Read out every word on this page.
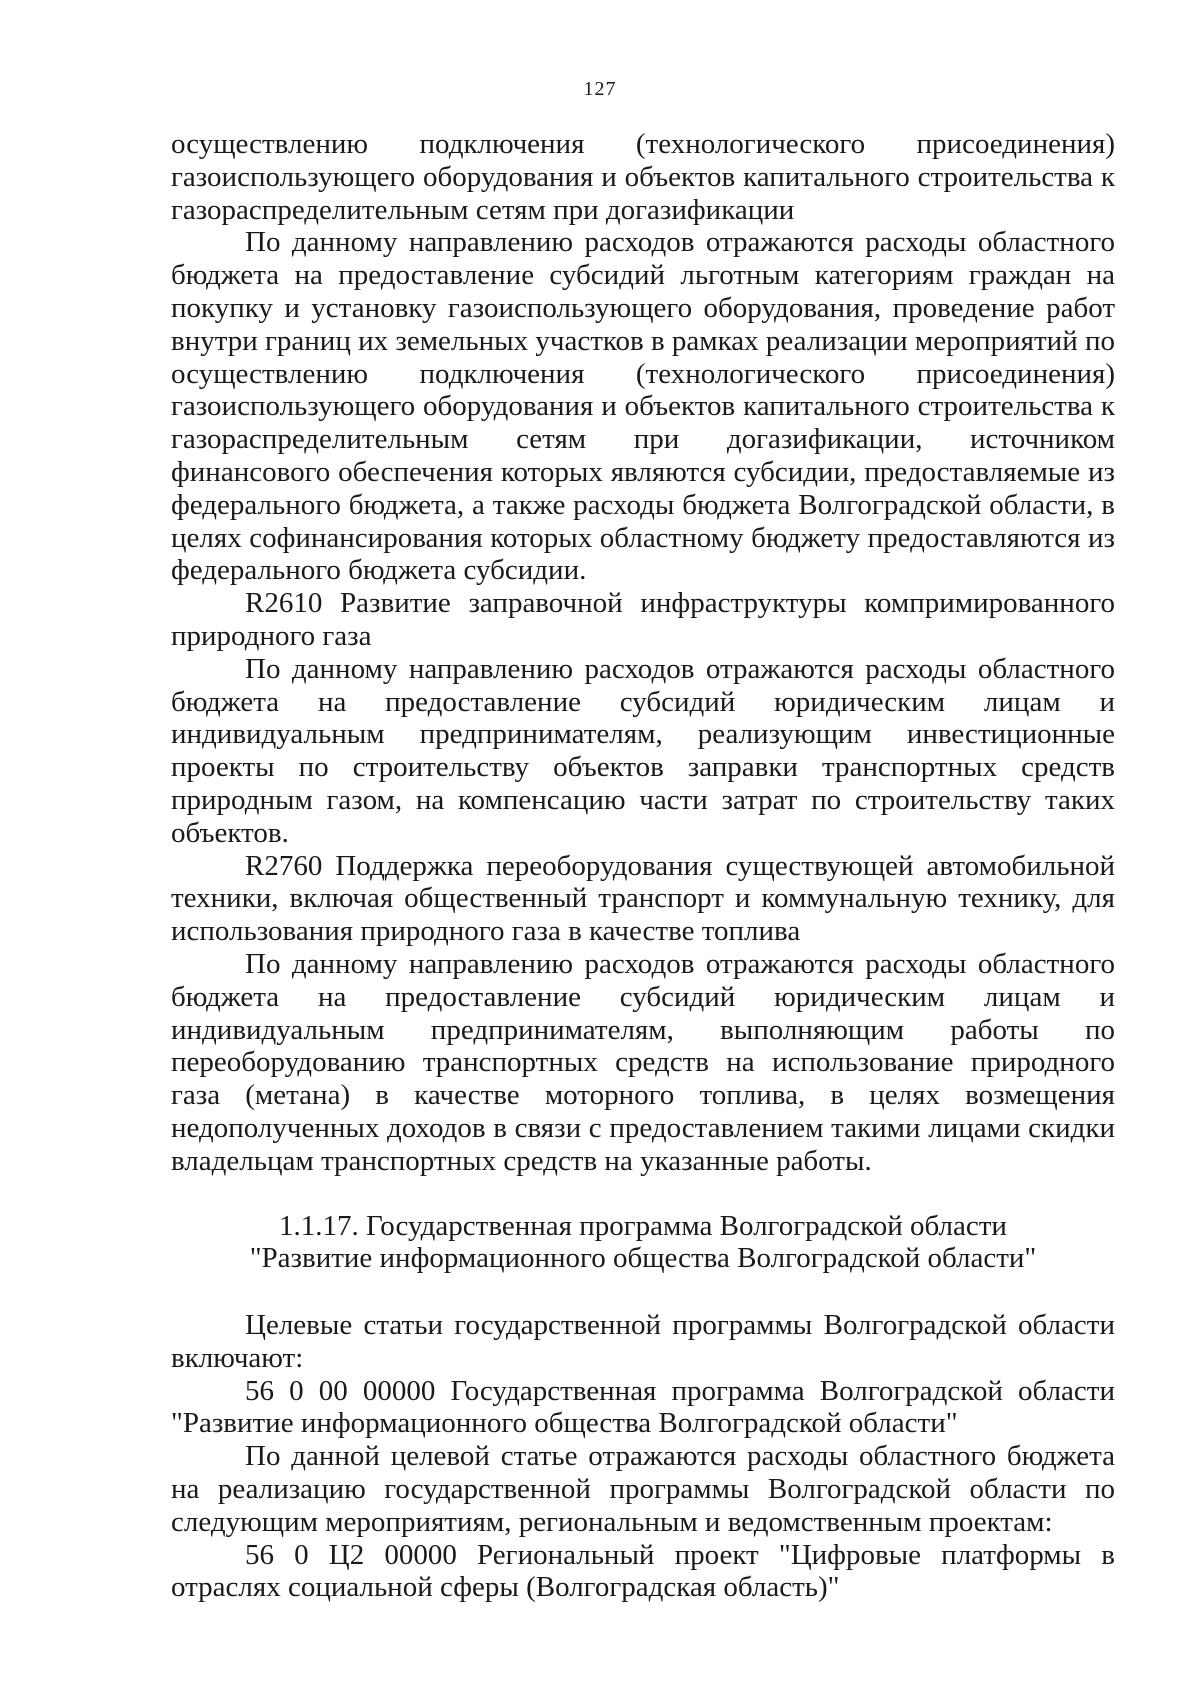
127

осуществлению подключения (технологического присоединения) газоиспользующего оборудования и объектов капитального строительства к газораспределительным сетям при догазификации

По данному направлению расходов отражаются расходы областного бюджета на предоставление субсидий льготным категориям граждан на покупку и установку газоиспользующего оборудования, проведение работ внутри границ их земельных участков в рамках реализации мероприятий по осуществлению подключения (технологического присоединения) газоиспользующего оборудования и объектов капитального строительства к газораспределительным сетям при догазификации, источником финансового обеспечения которых являются субсидии, предоставляемые из федерального бюджета, а также расходы бюджета Волгоградской области, в целях софинансирования которых областному бюджету предоставляются из федерального бюджета субсидии.

R2610 Развитие заправочной инфраструктуры компримированного природного газа

По данному направлению расходов отражаются расходы областного бюджета на предоставление субсидий юридическим лицам и индивидуальным предпринимателям, реализующим инвестиционные проекты по строительству объектов заправки транспортных средств природным газом, на компенсацию части затрат по строительству таких объектов.

R2760 Поддержка переоборудования существующей автомобильной техники, включая общественный транспорт и коммунальную технику, для использования природного газа в качестве топлива

По данному направлению расходов отражаются расходы областного бюджета на предоставление субсидий юридическим лицам и индивидуальным предпринимателям, выполняющим работы по переоборудованию транспортных средств на использование природного газа (метана) в качестве моторного топлива, в целях возмещения недополученных доходов в связи с предоставлением такими лицами скидки владельцам транспортных средств на указанные работы.

1.1.17. Государственная программа Волгоградской области

"Развитие информационного общества Волгоградской области"

Целевые статьи государственной программы Волгоградской области включают:

56 0 00 00000 Государственная программа Волгоградской области "Развитие информационного общества Волгоградской области"

По данной целевой статье отражаются расходы областного бюджета на реализацию государственной программы Волгоградской области по следующим мероприятиям, региональным и ведомственным проектам:

56 0 Ц2 00000 Региональный проект "Цифровые платформы в отраслях социальной сферы (Волгоградская область)"
